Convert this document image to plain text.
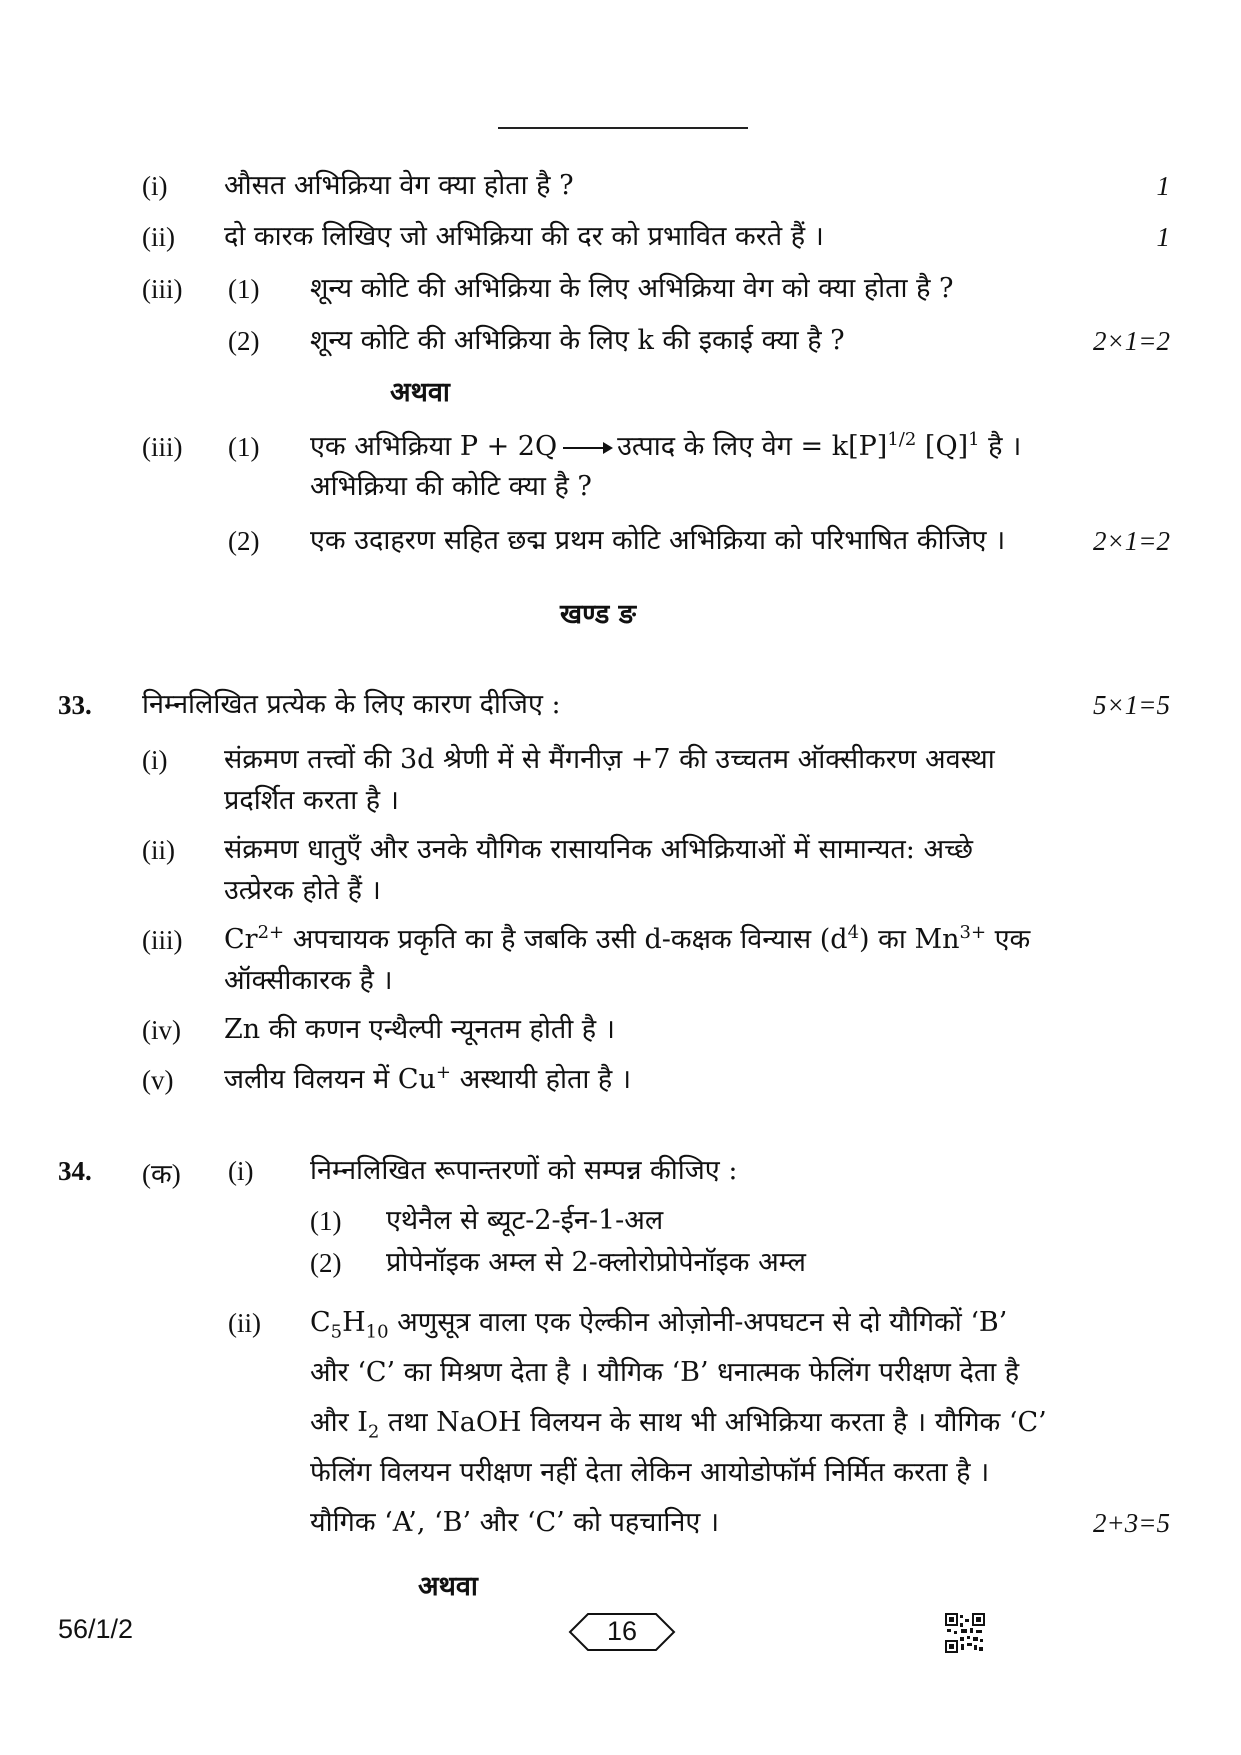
(i) औसत अभिक्रिया वेग क्या होता है ?	1
(ii) दो कारक लिखिए जो अभिक्रिया की दर को प्रभावित करते हैं ।	1
(iii) (1) शून्य कोटि की अभिक्रिया के लिए अभिक्रिया वेग को क्या होता है ?
(2) शून्य कोटि की अभिक्रिया के लिए k की इकाई क्या है ?	2×1=2
अथवा
(iii) (1) एक अभिक्रिया P + 2Q → उत्पाद के लिए वेग = $k[P]^{1/2}$ $[Q]^1$ है ।
अभिक्रिया की कोटि क्या है ?
(2) एक उदाहरण सहित छद्म प्रथम कोटि अभिक्रिया को परिभाषित कीजिए ।	2×1=2
खण्ड ङ
33. निम्नलिखित प्रत्येक के लिए कारण दीजिए :	5×1=5
(i) संक्रमण तत्त्वों की 3d श्रेणी में से मैंगनीज़ +7 की उच्चतम ऑक्सीकरण अवस्था
प्रदर्शित करता है ।
(ii) संक्रमण धातुएँ और उनके यौगिक रासायनिक अभिक्रियाओं में सामान्यत: अच्छे
उत्प्रेरक होते हैं ।
(iii) $Cr^{2+}$ अपचायक प्रकृति का है जबकि उसी d-कक्षक विन्यास $(d^4)$ का $Mn^{3+}$ एक
ऑक्सीकारक है ।
(iv) Zn की कणन एन्थैल्पी न्यूनतम होती है ।
(v) जलीय विलयन में Cu+ अस्थायी होता है ।
34. (क) (i) निम्नलिखित रूपान्तरणों को सम्पन्न कीजिए :
(1) एथेनैल से ब्यूट-2-ईन-1-अल
(2) प्रोपेनॉइक अम्ल से 2-क्लोरोप्रोपेनॉइक अम्ल
(ii) $C_5H_{10}$ अणुसूत्र वाला एक ऐल्कीन ओज़ोनी-अपघटन से दो यौगिकों ‘B’
और ‘C’ का मिश्रण देता है । यौगिक ‘B’ धनात्मक फेलिंग परीक्षण देता है
और $I_2$ तथा NaOH विलयन के साथ भी अभिक्रिया करता है । यौगिक ‘C’
फेलिंग विलयन परीक्षण नहीं देता लेकिन आयोडोफॉर्म निर्मित करता है ।
यौगिक ‘A’, ‘B’ और ‘C’ को पहचानिए ।	2+3=5
अथवा
56/1/2	16
